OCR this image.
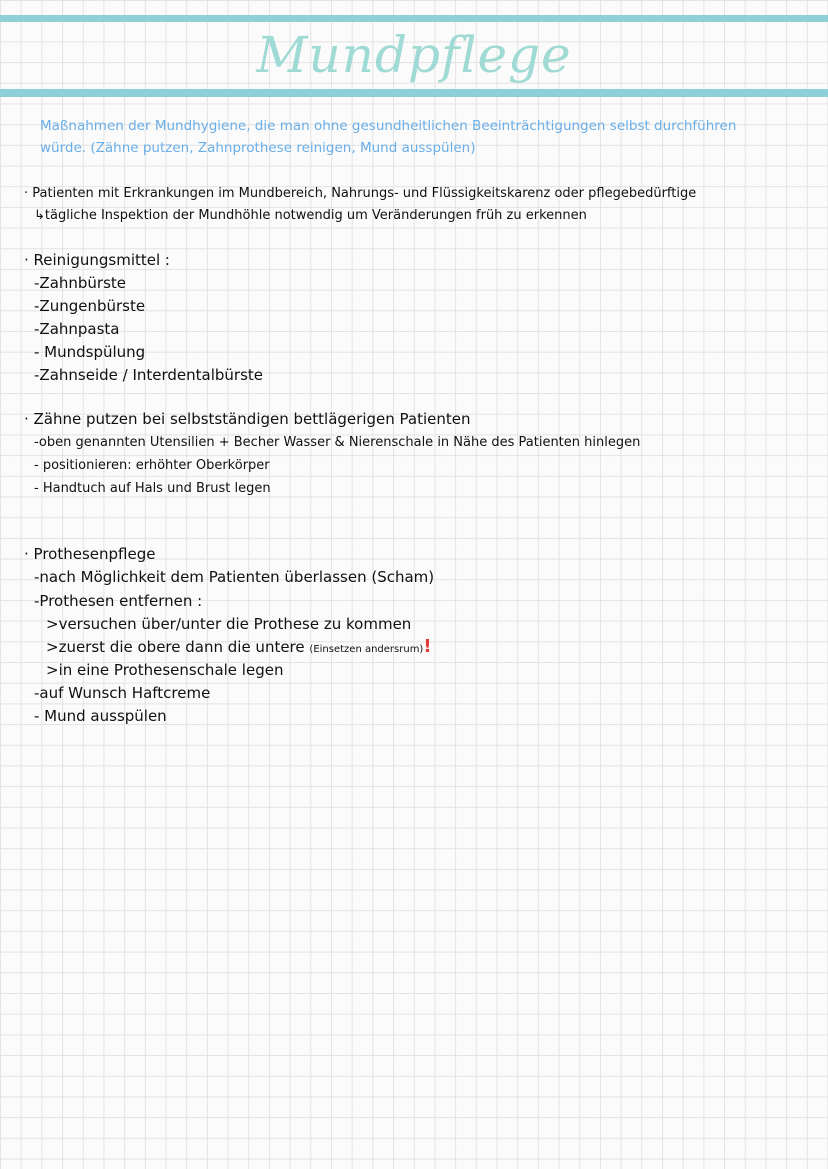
Mundpflege
Maßnahmen der Mundhygiene, die man ohne gesundheitlichen Beeinträchtigungen selbst durchführen
würde. (Zähne putzen, Zahnprothese reinigen, Mund ausspülen)
· Patienten mit Erkrankungen im Mundbereich, Nahrungs- und Flüssigkeitskarenz oder pflegebedürftige
↳tägliche Inspektion der Mundhöhle notwendig um Veränderungen früh zu erkennen
· Reinigungsmittel :
-Zahnbürste
-Zungenbürste
-Zahnpasta
- Mundspülung
-Zahnseide / Interdentalbürste
· Zähne putzen bei selbstständigen bettlägerigen Patienten
-oben genannten Utensilien + Becher Wasser & Nierenschale in Nähe des Patienten hinlegen
- positionieren: erhöhter Oberkörper
- Handtuch auf Hals und Brust legen
· Prothesenpflege
-nach Möglichkeit dem Patienten überlassen (Scham)
-Prothesen entfernen :
>versuchen über/unter die Prothese zu kommen
>zuerst die obere dann die untere (Einsetzen andersrum)!
>in eine Prothesenschale legen
-auf Wunsch Haftcreme
- Mund ausspülen
